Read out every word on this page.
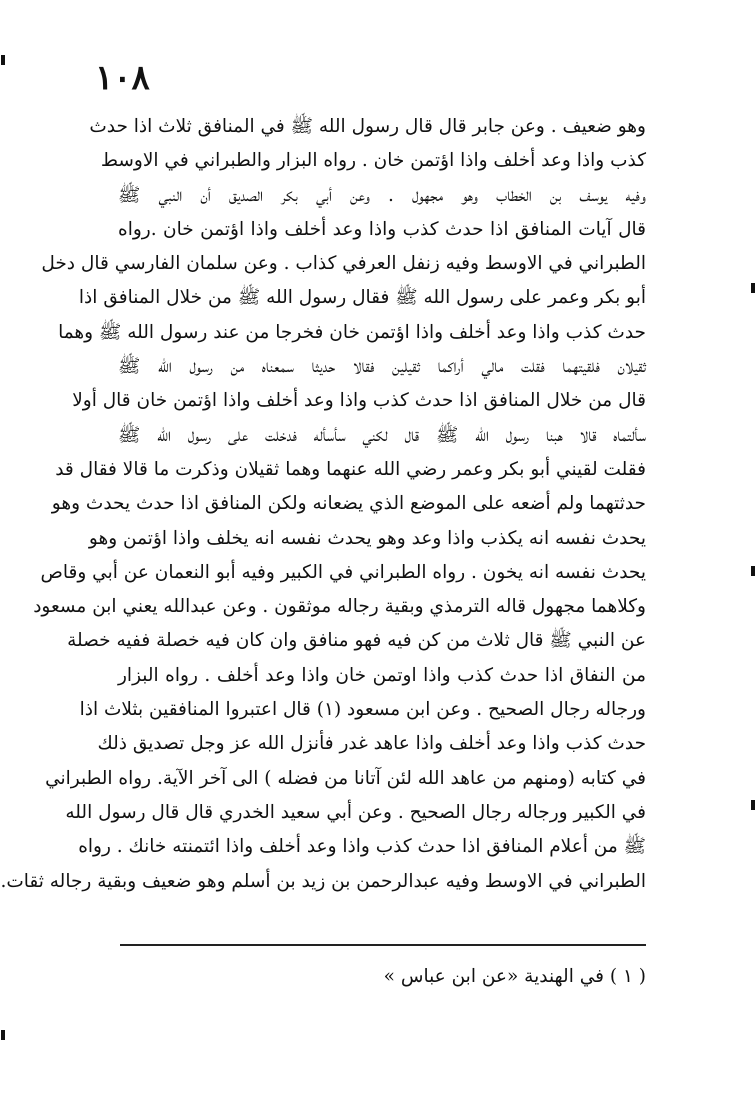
١٠٨
وهو ضعيف . وعن جابر قال قال رسول الله ﷺ في المنافق ثلاث اذا حدث
كذب واذا وعد أخلف واذا اؤتمن خان . رواه البزار والطبراني في الاوسط
وفيه يوسف بن الخطاب وهو مجهول . وعن أبي بكر الصديق أن النبي ﷺ
قال آيات المنافق اذا حدث كذب واذا وعد أخلف واذا اؤتمن خان .رواه
الطبراني في الاوسط وفيه زنفل العرفي كذاب . وعن سلمان الفارسي قال دخل
أبو بكر وعمر على رسول الله ﷺ فقال رسول الله ﷺ من خلال المنافق اذا
حدث كذب واذا وعد أخلف واذا اؤتمن خان فخرجا من عند رسول الله ﷺ وهما
ثقيلان فلقيتهما فقلت مالي أراكما ثقيلين فقالا حديثا سمعناه من رسول الله ﷺ
قال من خلال المنافق اذا حدث كذب واذا وعد أخلف واذا اؤتمن خان قال أولا
سألتماه قالا هبنا رسول الله ﷺ قال لكني سأسأله فدخلت على رسول الله ﷺ
فقلت لقيني أبو بكر وعمر رضي الله عنهما وهما ثقيلان وذكرت ما قالا فقال قد
حدثتهما ولم أضعه على الموضع الذي يضعانه ولكن المنافق اذا حدث يحدث وهو
يحدث نفسه انه يكذب واذا وعد وهو يحدث نفسه انه يخلف واذا اؤتمن وهو
يحدث نفسه انه يخون . رواه الطبراني في الكبير وفيه أبو النعمان عن أبي وقاص
وكلاهما مجهول قاله الترمذي وبقية رجاله موثقون . وعن عبدالله يعني ابن مسعود
عن النبي ﷺ قال ثلاث من كن فيه فهو منافق وان كان فيه خصلة ففيه خصلة
من النفاق اذا حدث كذب واذا اوتمن خان واذا وعد أخلف . رواه البزار
ورجاله رجال الصحيح . وعن ابن مسعود (١) قال اعتبروا المنافقين بثلاث اذا
حدث كذب واذا وعد أخلف واذا عاهد غدر فأنزل الله عز وجل تصديق ذلك
في كتابه (ومنهم من عاهد الله لئن آتانا من فضله ) الى آخر الآية. رواه الطبراني
في الكبير ورجاله رجال الصحيح . وعن أبي سعيد الخدري قال قال رسول الله
ﷺ من أعلام المنافق اذا حدث كذب واذا وعد أخلف واذا ائتمنته خانك . رواه
الطبراني في الاوسط وفيه عبدالرحمن بن زيد بن أسلم وهو ضعيف وبقية رجاله ثقات.
( ١ ) في الهندية «عن ابن عباس »
